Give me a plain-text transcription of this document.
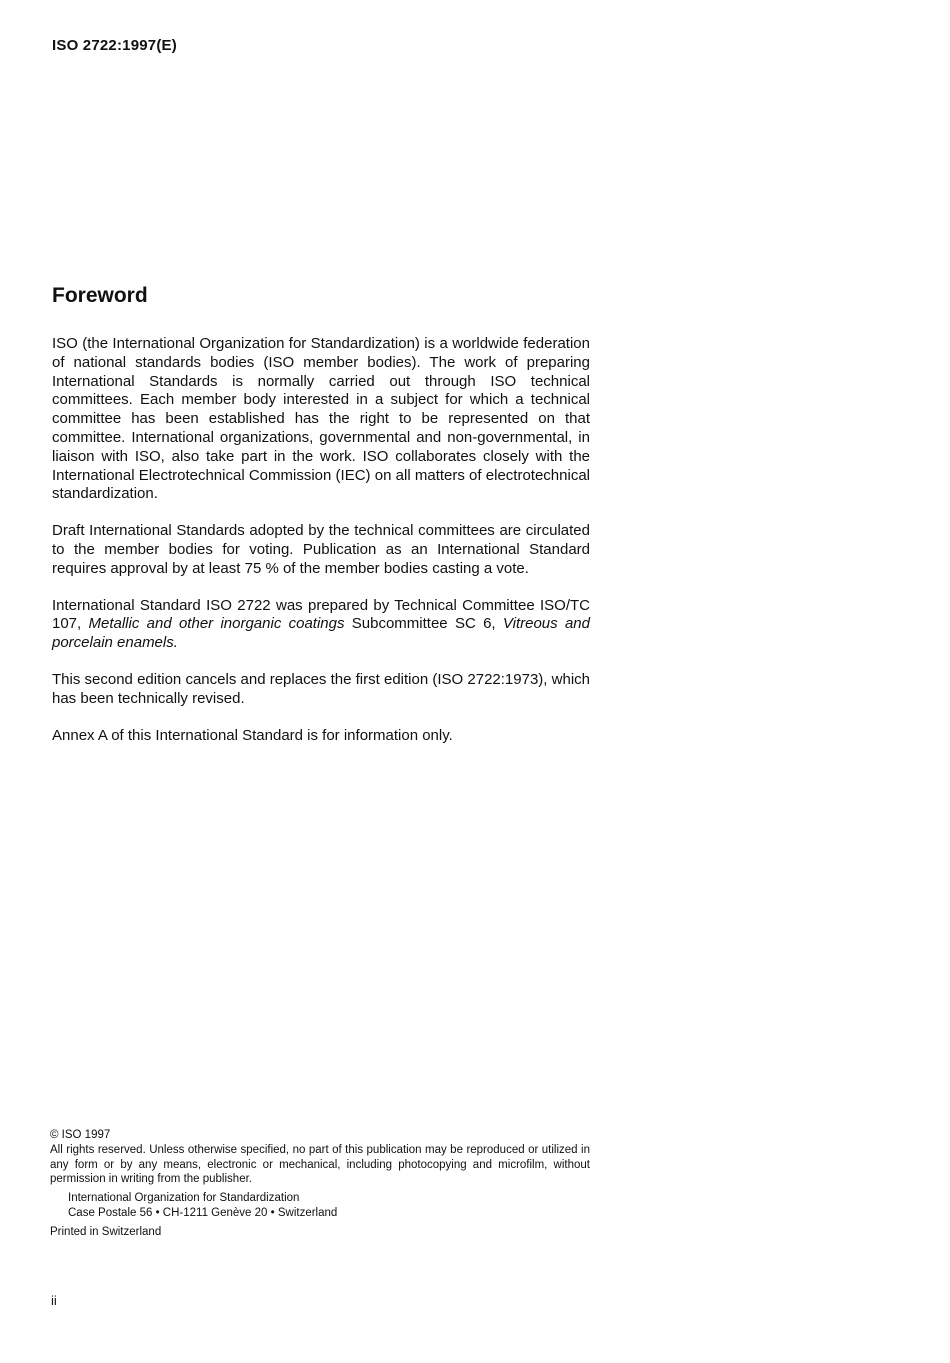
ISO 2722:1997(E)
Foreword

ISO (the International Organization for Standardization) is a worldwide federation of national standards bodies (ISO member bodies). The work of preparing International Standards is normally carried out through ISO technical committees. Each member body interested in a subject for which a technical committee has been established has the right to be represented on that committee. International organizations, governmental and non-governmental, in liaison with ISO, also take part in the work. ISO collaborates closely with the International Electrotechnical Commission (IEC) on all matters of electrotechnical standardization.

Draft International Standards adopted by the technical committees are circulated to the member bodies for voting. Publication as an International Standard requires approval by at least 75 % of the member bodies casting a vote.

International Standard ISO 2722 was prepared by Technical Committee ISO/TC 107, Metallic and other inorganic coatings Subcommittee SC 6, Vitreous and porcelain enamels.

This second edition cancels and replaces the first edition (ISO 2722:1973), which has been technically revised.

Annex A of this International Standard is for information only.

© ISO 1997
All rights reserved. Unless otherwise specified, no part of this publication may be reproduced or utilized in any form or by any means, electronic or mechanical, including photocopying and microfilm, without permission in writing from the publisher.
International Organization for Standardization
Case Postale 56 • CH-1211 Genève 20 • Switzerland
Printed in Switzerland
ii
